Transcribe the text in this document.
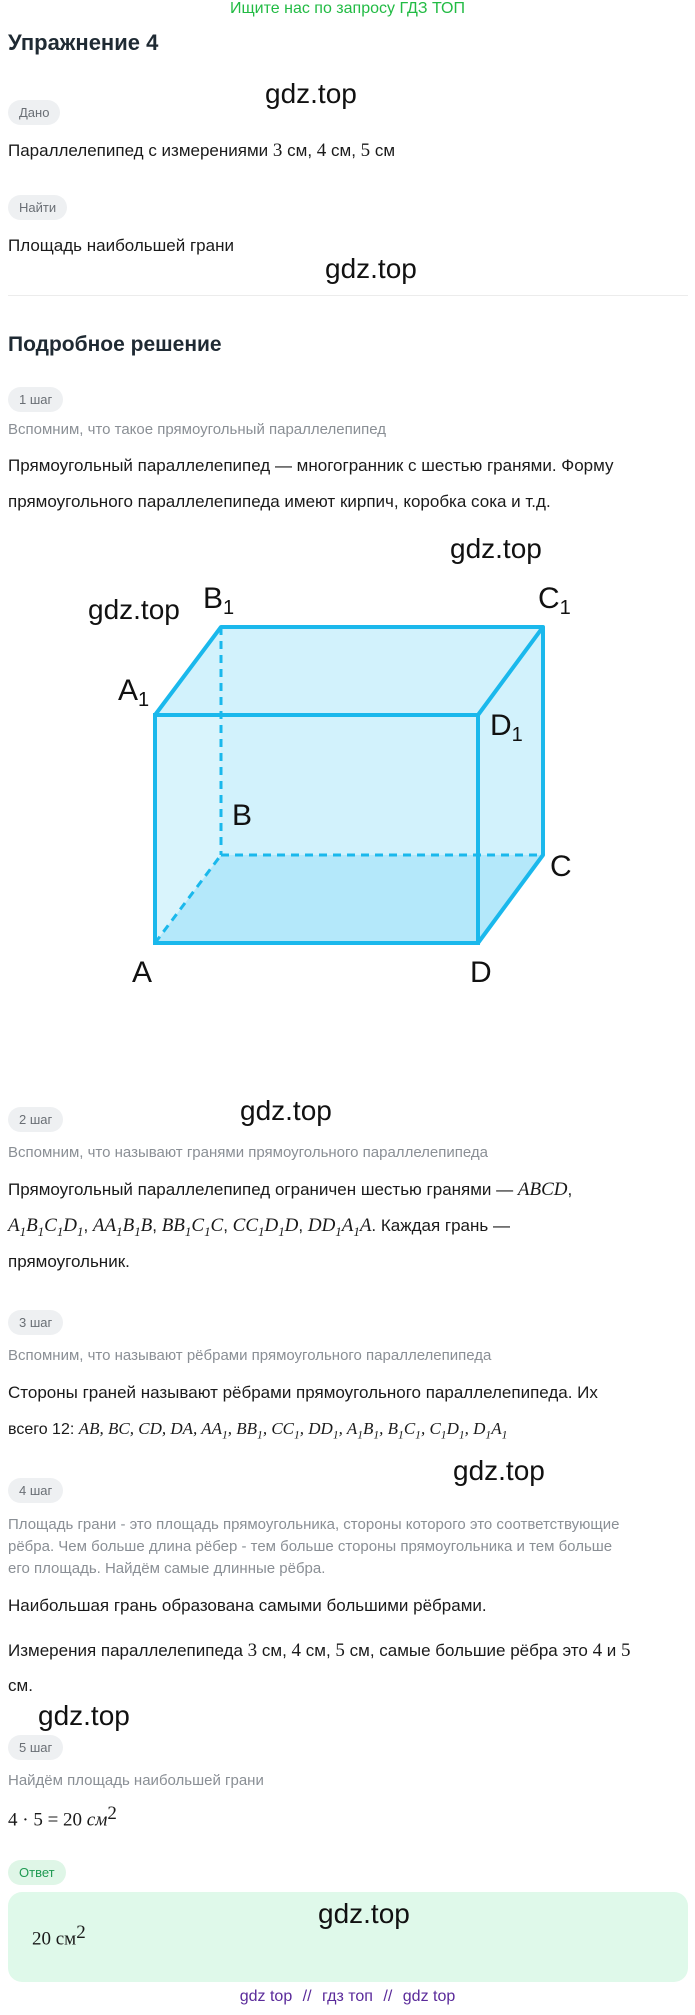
Ищите нас по запросу ГДЗ ТОП
Упражнение 4
Дано
gdz.top
Параллелепипед с измерениями 3 см, 4 см, 5 см
Найти
Площадь наибольшей грани
gdz.top
Подробное решение
1 шаг
Вспомним, что такое прямоугольный параллелепипед
Прямоугольный параллелепипед — многогранник с шестью гранями. Форму
прямоугольного параллелепипеда имеют кирпич, коробка сока и т.д.
gdz.top
gdz.top $B_1$	$C_1$
$A_1$
$D_1$
B
C
A	D
gdz.top
2 шаг
Вспомним, что называют гранями прямоугольного параллелепипеда
Прямоугольный параллелепипед ограничен шестью гранями — ABCD,
$A_1B_1C_1D_1$, $AA_1B_1B$, $BB_1C_1C$, $CC_1D_1D$, $DD_1A_1A$. Каждая грань —
прямоугольник.
3 шаг
Вспомним, что называют рёбрами прямоугольного параллелепипеда
Стороны граней называют рёбрами прямоугольного параллелепипеда. Их
всего 12: AB, BC, CD, DA, $AA_1$, $BB_1$, $CC_1$, $DD_1$, $A_1B_1$, $B_1C_1$, $C_1D_1$, $D_1A_1$
gdz.top
4 шаг
Площадь грани - это площадь прямоугольника, стороны которого это соответствующие
рёбра. Чем больше длина рёбер - тем больше стороны прямоугольника и тем больше
его площадь. Найдём самые длинные рёбра.
Наибольшая грань образована самыми большими рёбрами.
Измерения параллелепипеда 3 см, 4 см, 5 см, самые большие рёбра это 4 и 5
см.
gdz.top
5 шаг
Найдём площадь наибольшей грани
4 · 5 = 20 $см^2$
Ответ
gdz.top
20 $см^2$
gdz top // гдз топ // gdz top
